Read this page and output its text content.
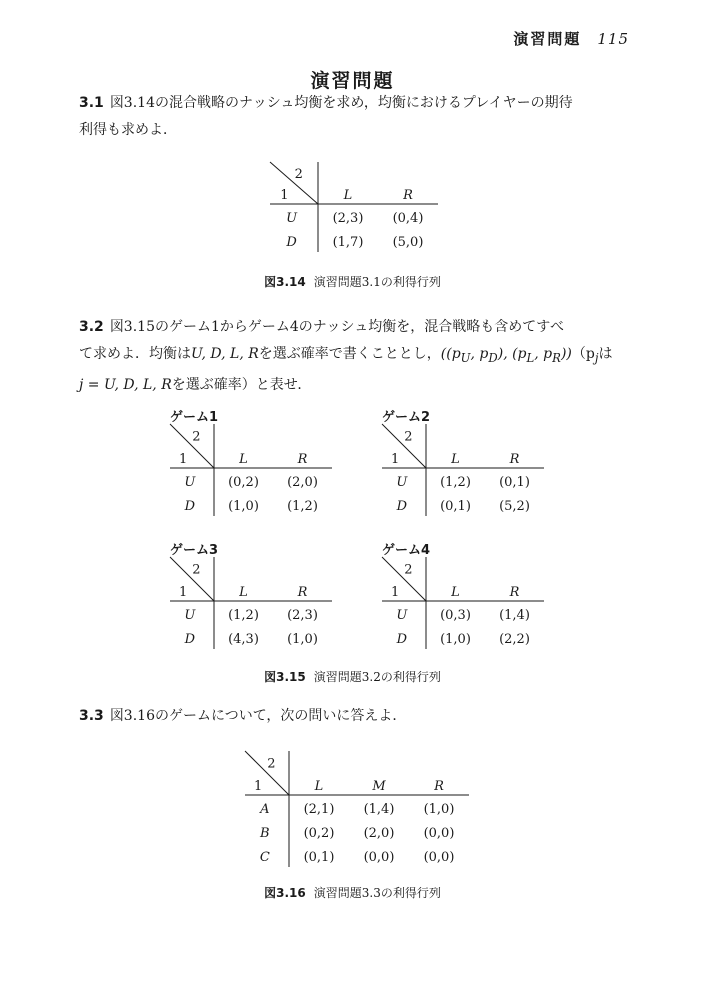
演習問題 115
演習問題
3.1 図3.14の混合戦略のナッシュ均衡を求め，均衡におけるプレイヤーの期待
利得も求めよ．
2
1	L	R
U	(2,3) (0,4)
D	(1,7) (5,0)
図3.14 演習問題3.1の利得行列
3.2 図3.15のゲーム1からゲーム4のナッシュ均衡を，混合戦略も含めてすべ
て求めよ．均衡はU, D, L, Rを選ぶ確率で書くこととし，(($p_U$, $p_D$), ($p_L$, $p_R))(p_j$は
j = U, D, L, Rを選ぶ確率）と表せ．
ゲーム1
2
1	L	R
U	(0,2) (2,0)
D	(1,0) (1,2)
ゲーム2
2
1	L	R
U	(1,2) (0,1)
D	(0,1) (5,2)
ゲーム3
2
1	L	R
U	(1,2) (2,3)
D	(4,3) (1,0)
ゲーム4
2
1	L	R
U	(0,3) (1,4)
D	(1,0) (2,2)
図3.15 演習問題3.2の利得行列
3.3 図3.16のゲームについて，次の問いに答えよ．
2
1	L	M	R
A	(2,1) (1,4) (1,0)
B	(0,2) (2,0) (0,0)
C	(0,1) (0,0) (0,0)
図3.16 演習問題3.3の利得行列
